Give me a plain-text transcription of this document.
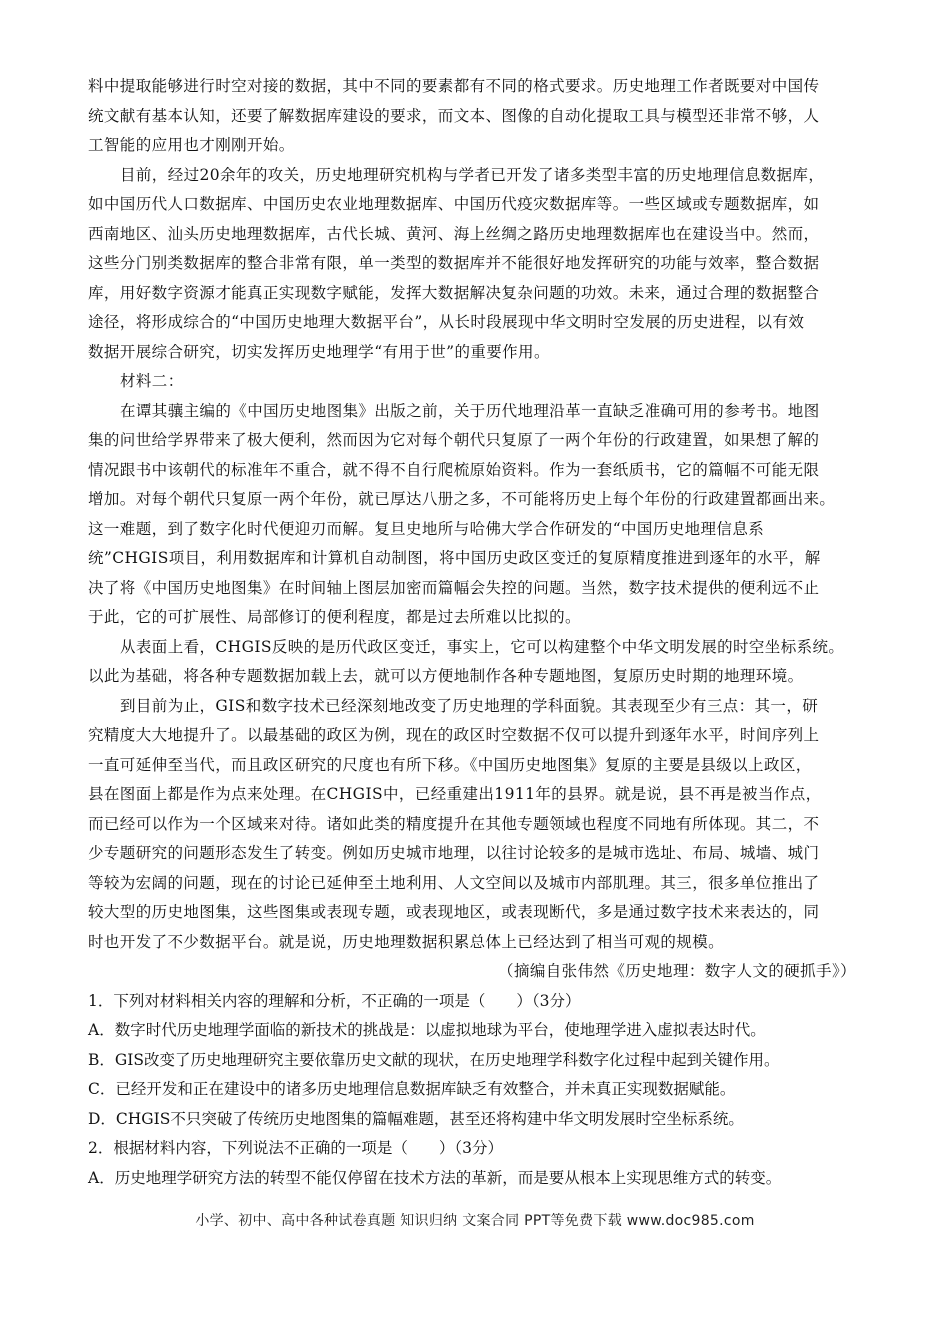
料中提取能够进行时空对接的数据，其中不同的要素都有不同的格式要求。历史地理工作者既要对中国传
统文献有基本认知，还要了解数据库建设的要求，而文本、图像的自动化提取工具与模型还非常不够，人
工智能的应用也才刚刚开始。
目前，经过20余年的攻关，历史地理研究机构与学者已开发了诸多类型丰富的历史地理信息数据库，
如中国历代人口数据库、中国历史农业地理数据库、中国历代疫灾数据库等。一些区域或专题数据库，如
西南地区、汕头历史地理数据库，古代长城、黄河、海上丝绸之路历史地理数据库也在建设当中。然而，
这些分门别类数据库的整合非常有限，单一类型的数据库并不能很好地发挥研究的功能与效率，整合数据
库，用好数字资源才能真正实现数字赋能，发挥大数据解决复杂问题的功效。未来，通过合理的数据整合
途径，将形成综合的“中国历史地理大数据平台”，从长时段展现中华文明时空发展的历史进程，以有效
数据开展综合研究，切实发挥历史地理学“有用于世”的重要作用。
材料二：
在谭其骧主编的《中国历史地图集》出版之前，关于历代地理沿革一直缺乏准确可用的参考书。地图
集的问世给学界带来了极大便利，然而因为它对每个朝代只复原了一两个年份的行政建置，如果想了解的
情况跟书中该朝代的标准年不重合，就不得不自行爬梳原始资料。作为一套纸质书，它的篇幅不可能无限
增加。对每个朝代只复原一两个年份，就已厚达八册之多，不可能将历史上每个年份的行政建置都画出来。
这一难题，到了数字化时代便迎刃而解。复旦史地所与哈佛大学合作研发的“中国历史地理信息系
统”CHGIS项目，利用数据库和计算机自动制图，将中国历史政区变迁的复原精度推进到逐年的水平，解
决了将《中国历史地图集》在时间轴上图层加密而篇幅会失控的问题。当然，数字技术提供的便利远不止
于此，它的可扩展性、局部修订的便利程度，都是过去所难以比拟的。
从表面上看，CHGIS反映的是历代政区变迁，事实上，它可以构建整个中华文明发展的时空坐标系统。
以此为基础，将各种专题数据加载上去，就可以方便地制作各种专题地图，复原历史时期的地理环境。
到目前为止，GIS和数字技术已经深刻地改变了历史地理的学科面貌。其表现至少有三点：其一，研
究精度大大地提升了。以最基础的政区为例，现在的政区时空数据不仅可以提升到逐年水平，时间序列上
一直可延伸至当代，而且政区研究的尺度也有所下移。《中国历史地图集》复原的主要是县级以上政区，
县在图面上都是作为点来处理。在CHGIS中，已经重建出1911年的县界。就是说，县不再是被当作点，
而已经可以作为一个区域来对待。诸如此类的精度提升在其他专题领域也程度不同地有所体现。其二，不
少专题研究的问题形态发生了转变。例如历史城市地理，以往讨论较多的是城市选址、布局、城墙、城门
等较为宏阔的问题，现在的讨论已延伸至土地利用、人文空间以及城市内部肌理。其三，很多单位推出了
较大型的历史地图集，这些图集或表现专题，或表现地区，或表现断代，多是通过数字技术来表达的，同
时也开发了不少数据平台。就是说，历史地理数据积累总体上已经达到了相当可观的规模。
（摘编自张伟然《历史地理：数字人文的硬抓手》）
1．下列对材料相关内容的理解和分析，不正确的一项是（　　）（3分）
A．数字时代历史地理学面临的新技术的挑战是：以虚拟地球为平台，使地理学进入虚拟表达时代。
B．GIS改变了历史地理研究主要依靠历史文献的现状，在历史地理学科数字化过程中起到关键作用。
C．已经开发和正在建设中的诸多历史地理信息数据库缺乏有效整合，并未真正实现数据赋能。
D．CHGIS不只突破了传统历史地图集的篇幅难题，甚至还将构建中华文明发展时空坐标系统。
2．根据材料内容，下列说法不正确的一项是（　　）（3分）
A．历史地理学研究方法的转型不能仅停留在技术方法的革新，而是要从根本上实现思维方式的转变。
小学、初中、高中各种试卷真题 知识归纳 文案合同 PPT等免费下载 www.doc985.com
